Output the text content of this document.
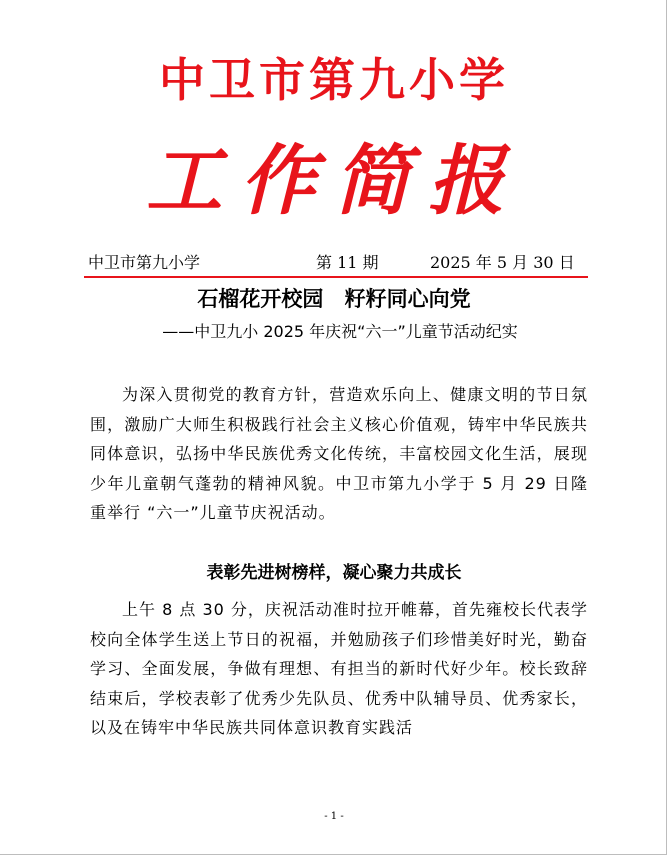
中卫市第九小学
工作简报
中卫市第九小学	第 11 期	2025 年 5 月 30 日
石榴花开校园 籽籽同心向党
——中卫九小 2025 年庆祝“六一”儿童节活动纪实
为深入贯彻党的教育方针，营造欢乐向上、健康文明的节日氛围，激励广大师生积极践行社会主义核心价值观，铸牢中华民族共同体意识，弘扬中华民族优秀文化传统，丰富校园文化生活，展现少年儿童朝气蓬勃的精神风貌。中卫市第九小学于 5 月 29 日隆重举行 “六一”儿童节庆祝活动。
表彰先进树榜样，凝心聚力共成长
上午 8 点 30 分，庆祝活动准时拉开帷幕，首先雍校长代表学校向全体学生送上节日的祝福，并勉励孩子们珍惜美好时光，勤奋学习、全面发展，争做有理想、有担当的新时代好少年。校长致辞结束后，学校表彰了优秀少先队员、优秀中队辅导员、优秀家长，以及在铸牢中华民族共同体意识教育实践活
- 1 -
